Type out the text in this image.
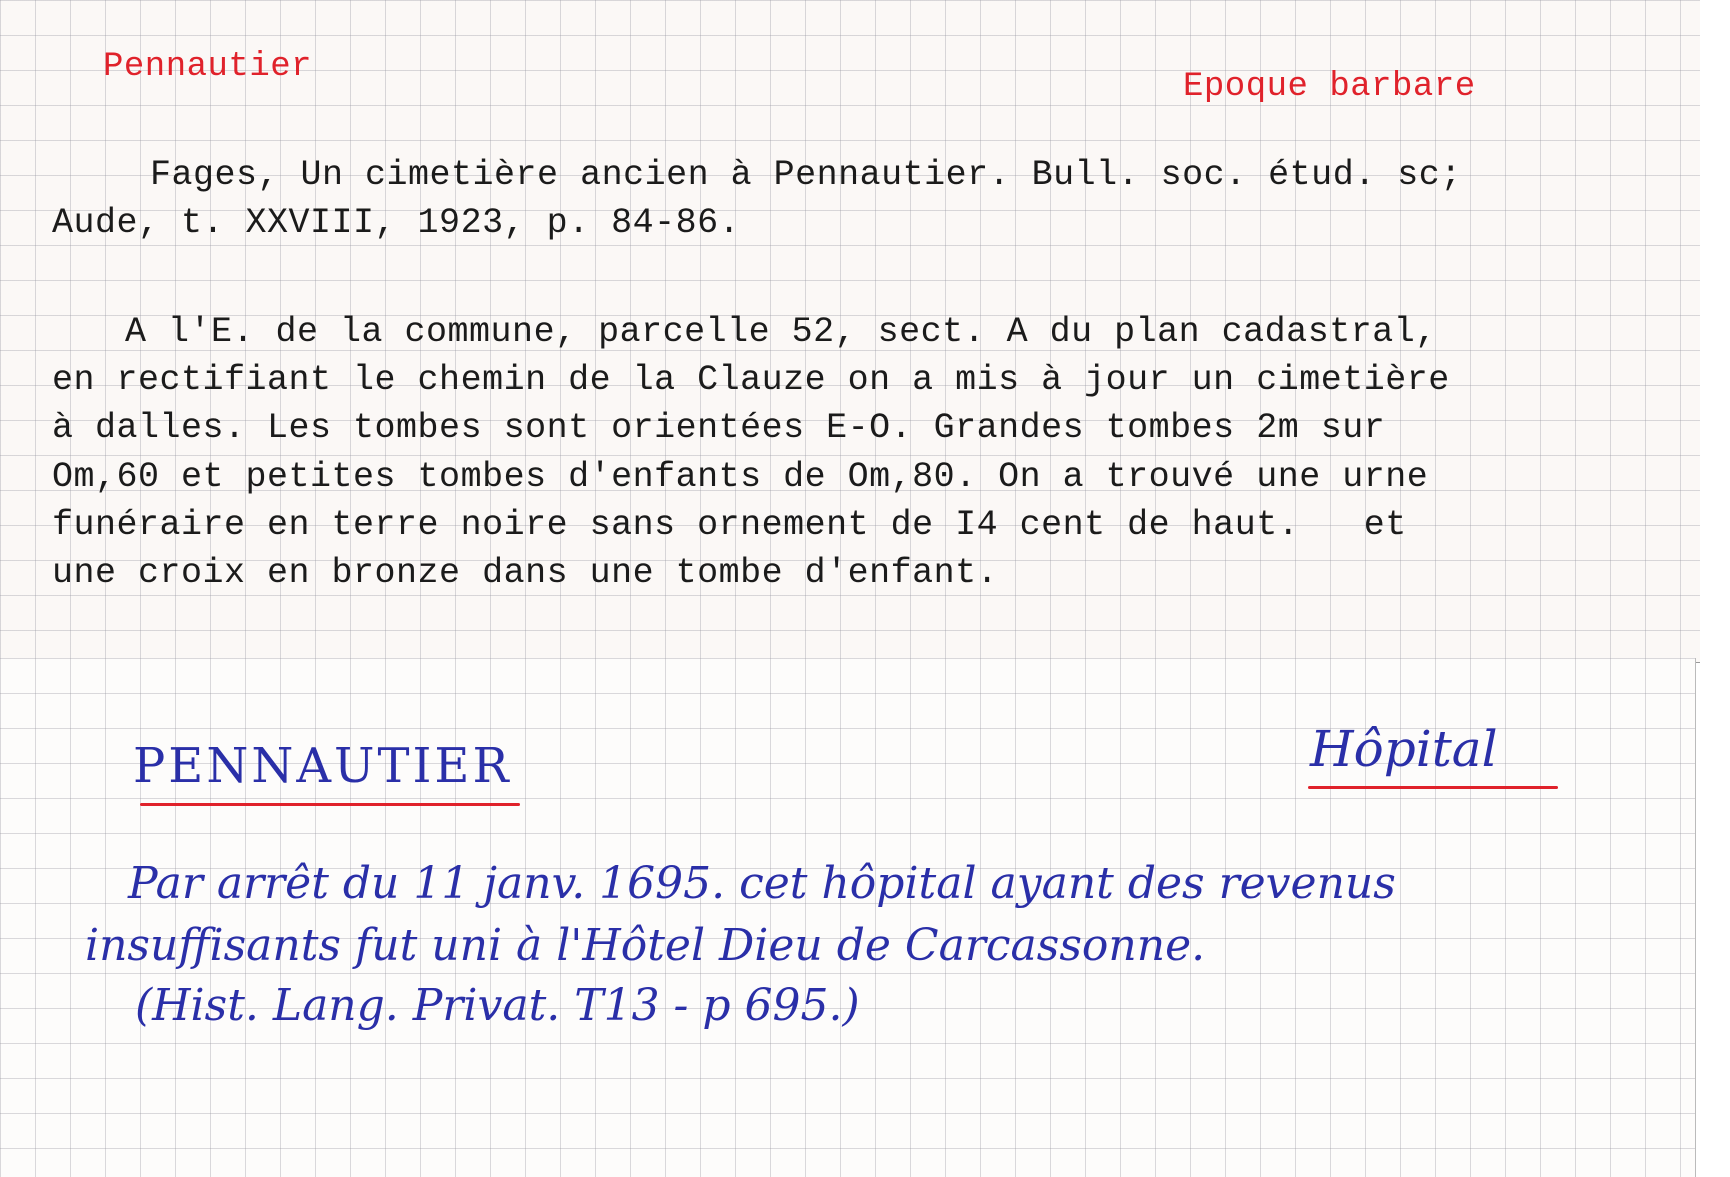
Pennautier
Epoque barbare
Fages, Un cimetière ancien à Pennautier. Bull. soc. étud. sc;
Aude, t. XXVIII, 1923, p. 84-86.
A l'E. de la commune, parcelle 52, sect. A du plan cadastral,
en rectifiant le chemin de la Clauze on a mis à jour un cimetière
à dalles. Les tombes sont orientées E-O. Grandes tombes 2m sur
Om,60 et petites tombes d'enfants de Om,80. On a trouvé une urne
funéraire en terre noire sans ornement de I4 cent de haut.   et
une croix en bronze dans une tombe d'enfant.
PENNAUTIER	Hôpital
Par arrêt du 11 janv. 1695. cet hôpital ayant des revenus
insuffisants fut uni à l'Hôtel Dieu de Carcassonne.
(Hist. Lang. Privat. T13 - p 695.)
